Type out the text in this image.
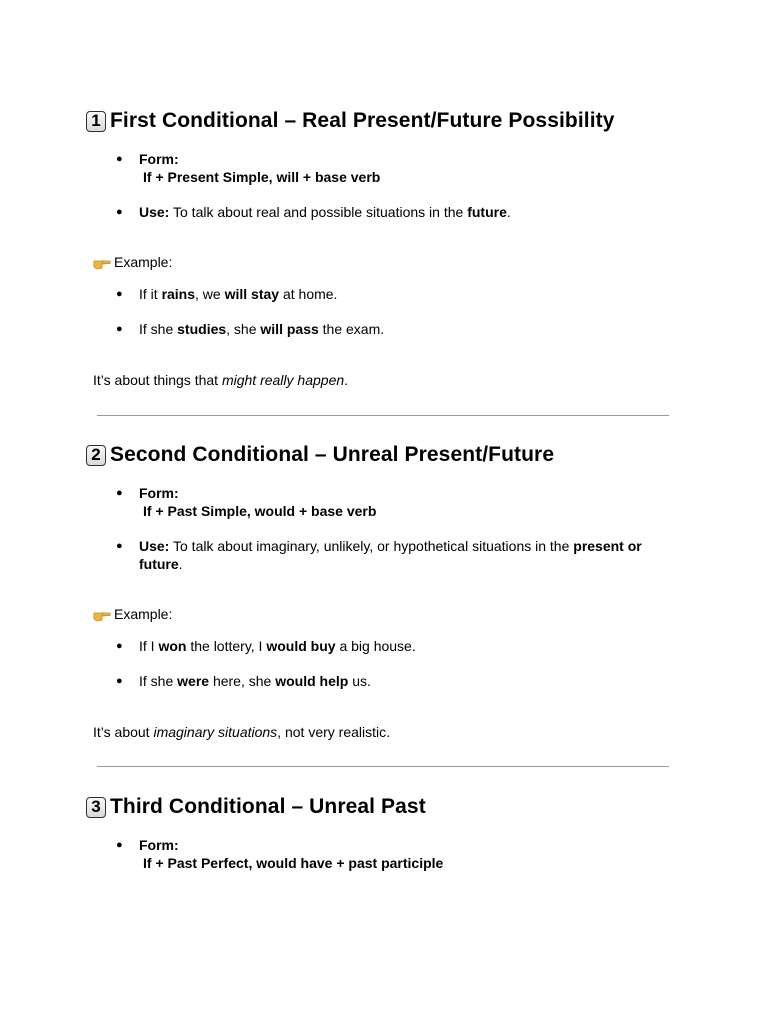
1 First Conditional – Real Present/Future Possibility
● Form:
If + Present Simple, will + base verb
● Use: To talk about real and possible situations in the future.
Example:
● If it rains, we will stay at home.
● If she studies, she will pass the exam.
It’s about things that might really happen.
2 Second Conditional – Unreal Present/Future
● Form:
If + Past Simple, would + base verb
● Use: To talk about imaginary, unlikely, or hypothetical situations in the present or future.
Example:
● If I won the lottery, I would buy a big house.
● If she were here, she would help us.
It’s about imaginary situations, not very realistic.
3 Third Conditional – Unreal Past
● Form:
If + Past Perfect, would have + past participle
